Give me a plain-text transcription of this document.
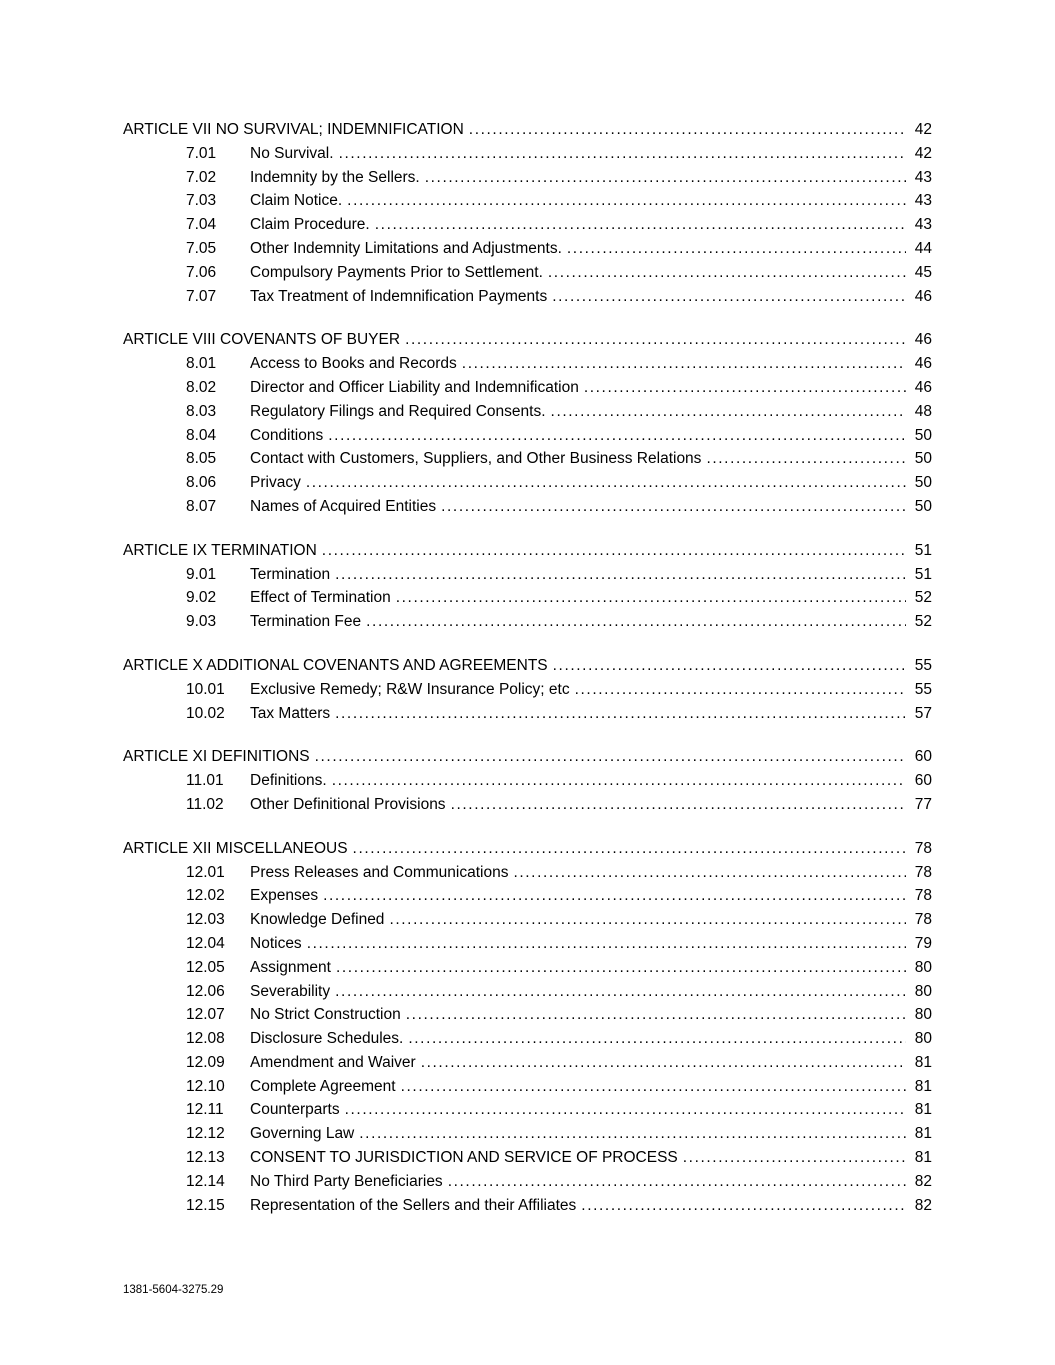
ARTICLE VII NO SURVIVAL; INDEMNIFICATION .....	42
7.01	No Survival. .....	42
7.02	Indemnity by the Sellers. .....	43
7.03	Claim Notice. .....	43
7.04	Claim Procedure. .....	43
7.05	Other Indemnity Limitations and Adjustments. .....	44
7.06	Compulsory Payments Prior to Settlement. .....	45
7.07	Tax Treatment of Indemnification Payments .....	46
ARTICLE VIII COVENANTS OF BUYER .....	46
8.01	Access to Books and Records .....	46
8.02	Director and Officer Liability and Indemnification .....	46
8.03	Regulatory Filings and Required Consents. .....	48
8.04	Conditions .....	50
8.05	Contact with Customers, Suppliers, and Other Business Relations .....	50
8.06	Privacy .....	50
8.07	Names of Acquired Entities .....	50
ARTICLE IX TERMINATION .....	51
9.01	Termination .....	51
9.02	Effect of Termination .....	52
9.03	Termination Fee .....	52
ARTICLE X ADDITIONAL COVENANTS AND AGREEMENTS .....	55
10.01	Exclusive Remedy; R&W Insurance Policy; etc .....	55
10.02	Tax Matters .....	57
ARTICLE XI DEFINITIONS .....	60
11.01	Definitions. .....	60
11.02	Other Definitional Provisions .....	77
ARTICLE XII MISCELLANEOUS .....	78
12.01	Press Releases and Communications .....	78
12.02	Expenses .....	78
12.03	Knowledge Defined .....	78
12.04	Notices .....	79
12.05	Assignment .....	80
12.06	Severability .....	80
12.07	No Strict Construction .....	80
12.08	Disclosure Schedules. .....	80
12.09	Amendment and Waiver .....	81
12.10	Complete Agreement .....	81
12.11	Counterparts .....	81
12.12	Governing Law .....	81
12.13	CONSENT TO JURISDICTION AND SERVICE OF PROCESS .....	81
12.14	No Third Party Beneficiaries .....	82
12.15	Representation of the Sellers and their Affiliates .....	82
1381-5604-3275.29
